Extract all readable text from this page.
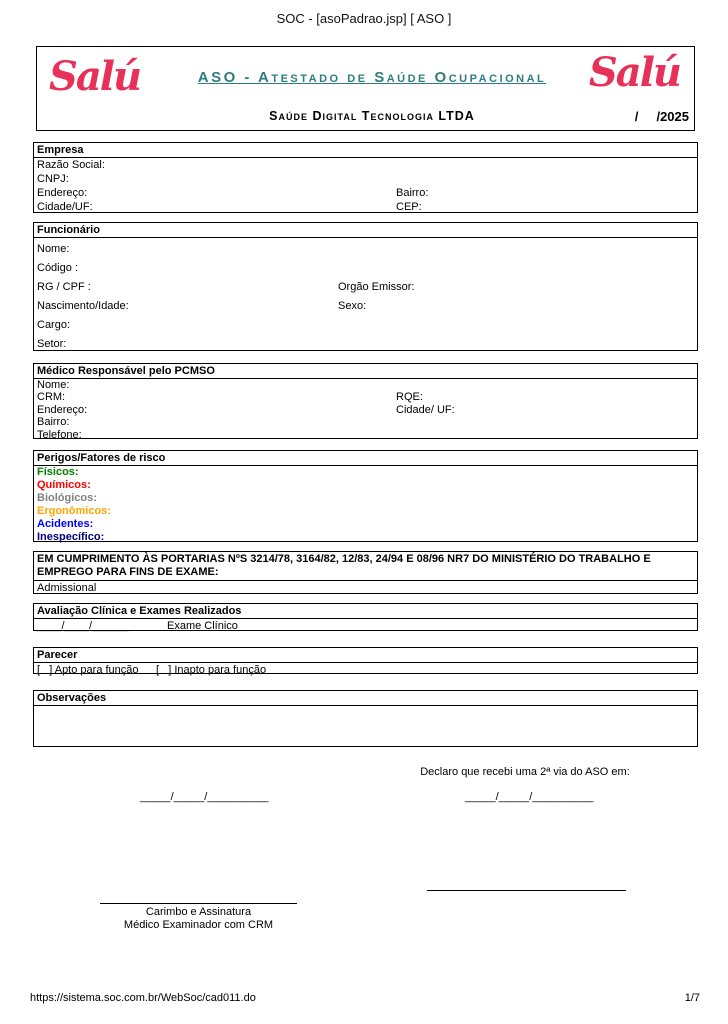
SOC - [asoPadrao.jsp] [ ASO ]
Salú	ASO - Atestado de Saúde Ocupacional
Saúde Digital Tecnologia LTDA	/     /2025
Salú
Empresa
Razão Social:
CNPJ:
Endereço:	Bairro:
Cidade/UF:	CEP:
Funcionário
Nome:
Código :
RG / CPF :	Orgão Emissor:
Nascimento/Idade:	Sexo:
Cargo:
Setor:
Médico Responsável pelo PCMSO
Nome:
CRM:	RQE:
Endereço:	Cidade/ UF:
Bairro:
Telefone:
Perigos/Fatores de risco
Físicos:
Químicos:
Biológicos:
Ergonômicos:
Acidentes:
Inespecífico:
EM CUMPRIMENTO ÀS PORTARIAS NºS 3214/78, 3164/82, 12/83, 24/94 E 08/96 NR7 DO MINISTÉRIO DO TRABALHO E EMPREGO PARA FINS DE EXAME:
Admissional
Avaliação Clínica e Exames Realizados
____/____/______	Exame Clínico
Parecer
[   ] Apto para função [   ] Inapto para função
Observações
Declaro que recebi uma 2ª via do ASO em:
_____/_____/__________	_____/_____/__________
Carimbo e Assinatura
Médico Examinador com CRM
https://sistema.soc.com.br/WebSoc/cad011.do	1/7
